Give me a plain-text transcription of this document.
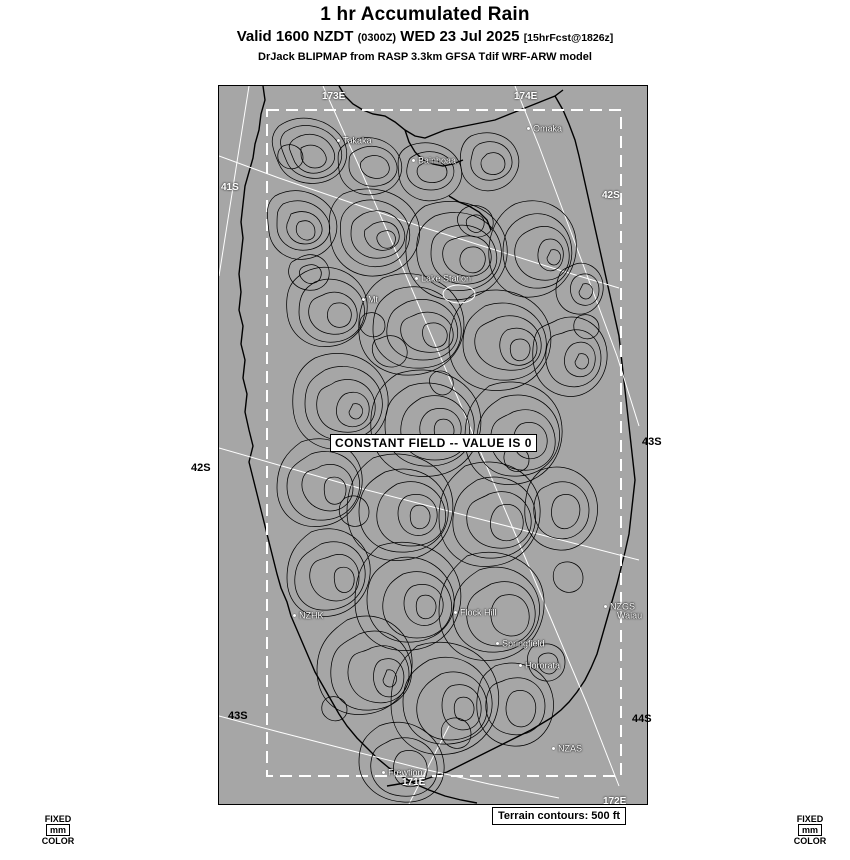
1 hr Accumulated Rain
Valid 1600 NZDT (0300Z) WED 23 Jul 2025 [15hrFcst@1826z]
DrJack BLIPMAP from RASP 3.3km GFSA Tdif WRF-ARW model
Takaka
Omaka
Bainhoaa
Lake Station
Mt
NZGS
Waiau
NZHK	Flock Hill
Springfield
Hororata
NZAS
Frewtion
173E	174E
41S
42S
171E
172E
42S
43S
43S
44S
CONSTANT FIELD -- VALUE IS 0
Terrain contours: 500 ft
FIXED
mm
COLOR
FIXED
mm
COLOR
